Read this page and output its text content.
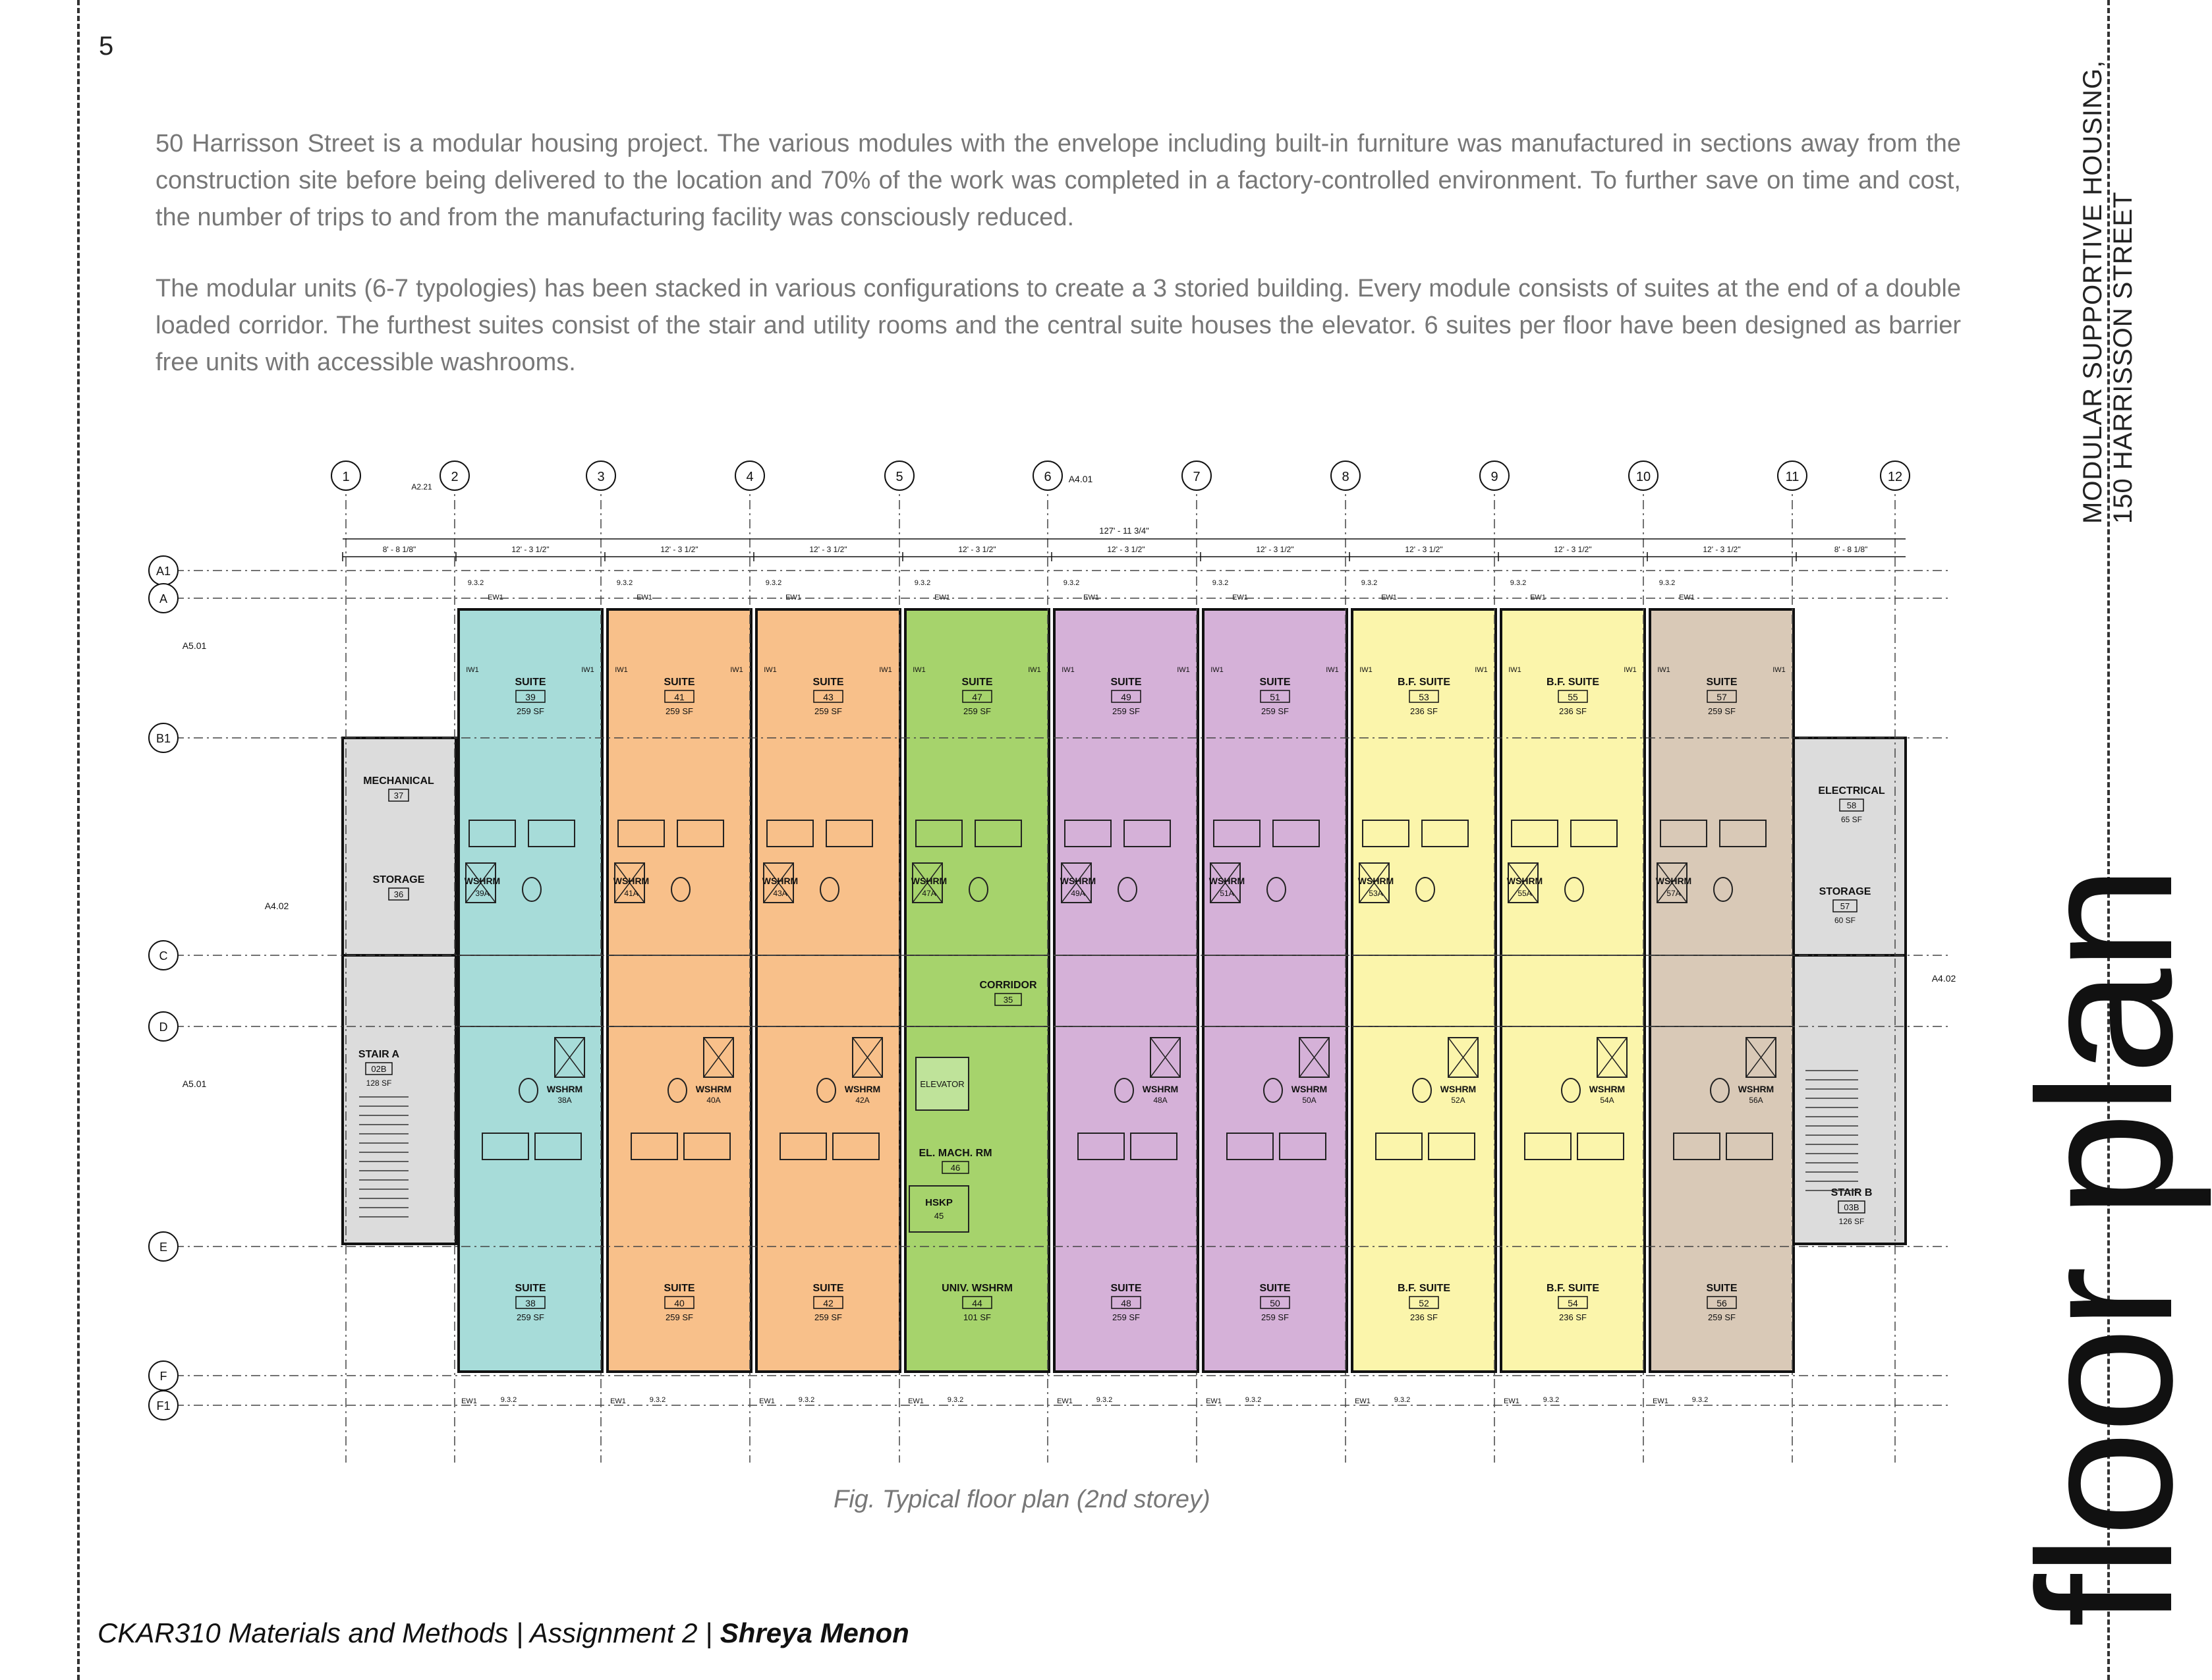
5

50 Harrisson Street is a modular housing project. The various modules with the envelope including built-in furniture was manufactured in sections away from the construction site before being delivered to the location and 70% of the work was completed in a factory-controlled environment. To further save on time and cost, the number of trips to and from the manufacturing facility was consciously reduced.

The modular units (6-7 typologies) has been stacked in various configurations to create a 3 storied building. Every module consists of suites at the end of a double loaded corridor. The furthest suites consist of the stair and utility rooms and the central suite houses the elevator. 6 suites per floor have been designed as barrier free units with accessible washrooms.	MODULAR SUPPORTIVE HOUSING, 150 HARRISSON STREET
floor plan
SUITE
39
259 SF
WSHRM
39A
SUITE
38
259 SF
WSHRM
38A
9.3.2
9.3.2
EW1
EW1
IW1	IW1
SUITE
41
259 SF
WSHRM
41A
SUITE
40
259 SF
WSHRM
40A
9.3.2
9.3.2
EW1
EW1
IW1	IW1
SUITE
43
259 SF
WSHRM
43A
SUITE
42
259 SF
WSHRM
42A
9.3.2
9.3.2
EW1
EW1
IW1	IW1
SUITE
47
259 SF
WSHRM
47A
UNIV. WSHRM
44
101 SF
9.3.2
9.3.2
EW1
EW1
IW1	IW1
SUITE
49
259 SF
WSHRM
49A
SUITE
48
259 SF
WSHRM
48A
9.3.2
9.3.2
EW1
EW1
IW1	IW1
SUITE
51
259 SF
WSHRM
51A
SUITE
50
259 SF
WSHRM
50A
9.3.2
9.3.2
EW1
EW1
IW1	IW1
B.F. SUITE
53
236 SF
WSHRM
53A
B.F. SUITE
52
236 SF
WSHRM
52A
9.3.2
9.3.2
EW1
EW1
IW1	IW1
B.F. SUITE
55
236 SF
WSHRM
55A
B.F. SUITE
54
236 SF
WSHRM
54A
9.3.2
9.3.2
EW1
EW1
IW1	IW1
SUITE
57
259 SF
WSHRM
57A
SUITE
56
259 SF
WSHRM
56A
9.3.2
9.3.2
EW1
EW1
IW1	IW1
CORRIDOR
35
ELEVATOR
EL. MACH. RM
46
HSKP
45
MECHANICAL
37
STORAGE
36
STAIR A
02B
128 SF
ELECTRICAL
58
65 SF
STORAGE
57
60 SF
STAIR B
03B
126 SF
1	2	3	4	5	6	7	8	9	10	11	12
A1
A
B1
C
D
E
F
F1
127' - 11 3/4"
8' - 8 1/8"	12' - 3 1/2"	12' - 3 1/2"	12' - 3 1/2"	12' - 3 1/2"	12' - 3 1/2"	12' - 3 1/2"	12' - 3 1/2"	12' - 3 1/2"	12' - 3 1/2"	8' - 8 1/8"
A5.01
A4.02
A4.01
A4.02
A5.01
A2.21
Fig. Typical floor plan (2nd storey)
CKAR310 Materials and Methods | Assignment 2 | Shreya Menon
